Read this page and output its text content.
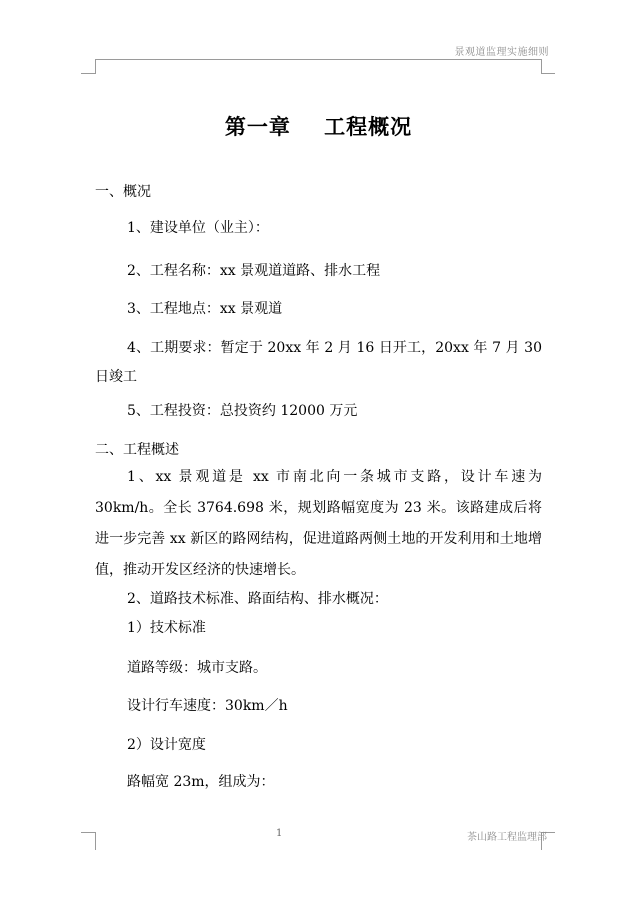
景观道监理实施细则
第一章    工程概况
一、概况
1、建设单位（业主）：
2、工程名称：xx 景观道道路、排水工程
3、工程地点：xx 景观道
4、工期要求：暂定于 20xx 年 2 月 16 日开工，20xx 年 7 月 30 日竣工
5、工程投资：总投资约 12000 万元
二、工程概述
1、xx 景观道是 xx 市南北向一条城市支路，设计车速为 30km/h。全长 3764.698 米，规划路幅宽度为 23 米。该路建成后将进一步完善 xx 新区的路网结构，促进道路两侧土地的开发利用和土地增值，推动开发区经济的快速增长。
2、道路技术标准、路面结构、排水概况：
1）技术标准
道路等级：城市支路。
设计行车速度：30km／h
2）设计宽度
路幅宽 23m，组成为：
1	茶山路工程监理部
